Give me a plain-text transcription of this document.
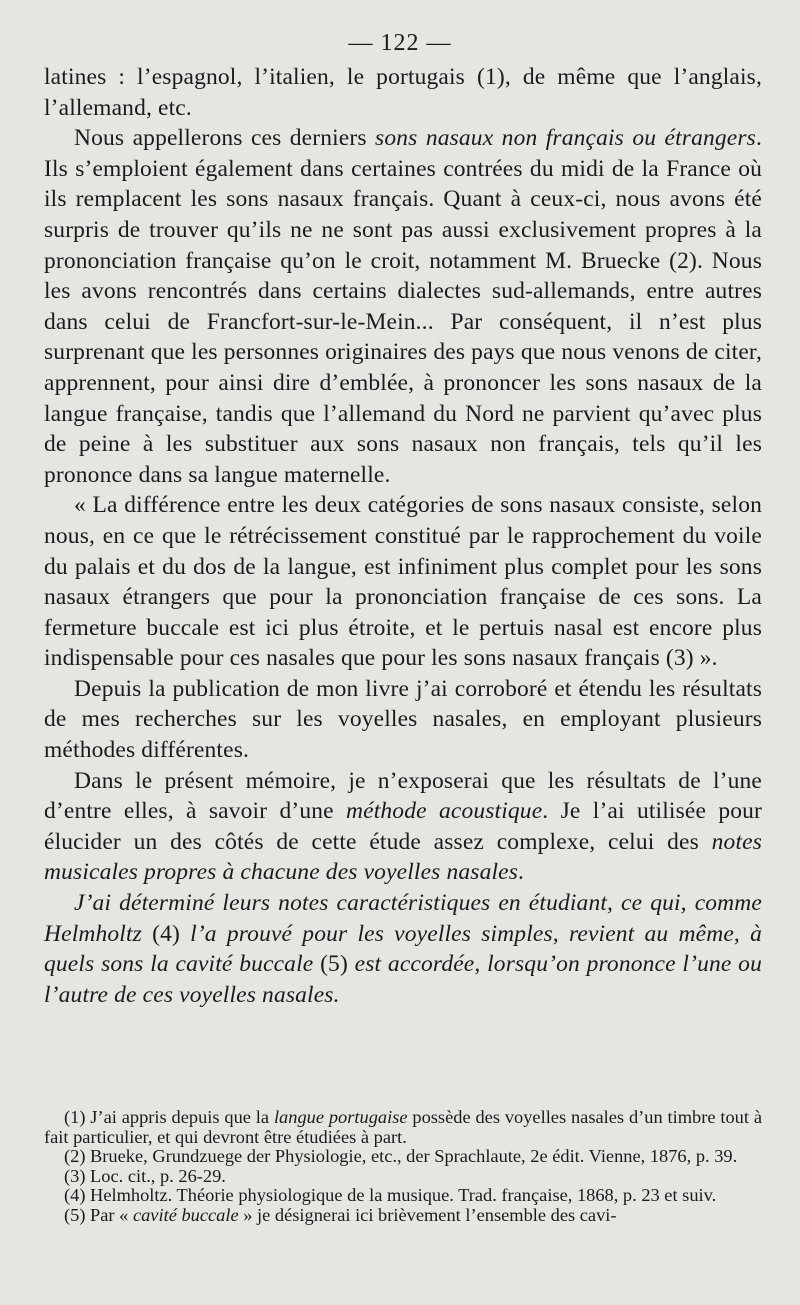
— 122 —

latines : l’espagnol, l’italien, le portugais (1), de même que l’anglais, l’allemand, etc.

Nous appellerons ces derniers sons nasaux non français ou étrangers. Ils s’emploient également dans certaines contrées du midi de la France où ils remplacent les sons nasaux français. Quant à ceux-ci, nous avons été surpris de trouver qu’ils ne ne sont pas aussi exclusivement propres à la prononciation française qu’on le croit, notamment M. Bruecke (2). Nous les avons rencontrés dans certains dialectes sud-allemands, entre autres dans celui de Francfort-sur-le-Mein... Par conséquent, il n’est plus surprenant que les personnes originaires des pays que nous venons de citer, apprennent, pour ainsi dire d’emblée, à prononcer les sons nasaux de la langue française, tandis que l’allemand du Nord ne parvient qu’avec plus de peine à les substituer aux sons nasaux non français, tels qu’il les prononce dans sa langue maternelle.

« La différence entre les deux catégories de sons nasaux consiste, selon nous, en ce que le rétrécissement constitué par le rapprochement du voile du palais et du dos de la langue, est infiniment plus complet pour les sons nasaux étrangers que pour la prononciation française de ces sons. La fermeture buccale est ici plus étroite, et le pertuis nasal est encore plus indispensable pour ces nasales que pour les sons nasaux français (3) ».

Depuis la publication de mon livre j’ai corroboré et étendu les résultats de mes recherches sur les voyelles nasales, en employant plusieurs méthodes différentes.

Dans le présent mémoire, je n’exposerai que les résultats de l’une d’entre elles, à savoir d’une méthode acoustique. Je l’ai utilisée pour élucider un des côtés de cette étude assez complexe, celui des notes musicales propres à chacune des voyelles nasales.

J’ai déterminé leurs notes caractéristiques en étudiant, ce qui, comme Helmholtz (4) l’a prouvé pour les voyelles simples, revient au même, à quels sons la cavité buccale (5) est accordée, lorsqu’on prononce l’une ou l’autre de ces voyelles nasales.

(1) J’ai appris depuis que la langue portugaise possède des voyelles nasales d’un timbre tout à fait particulier, et qui devront être étudiées à part.

(2) Brueke, Grundzuege der Physiologie, etc., der Sprachlaute, 2e édit. Vienne, 1876, p. 39.

(3) Loc. cit., p. 26-29.

(4) Helmholtz. Théorie physiologique de la musique. Trad. française, 1868, p. 23 et suiv.

(5) Par « cavité buccale » je désignerai ici brièvement l’ensemble des cavi-
